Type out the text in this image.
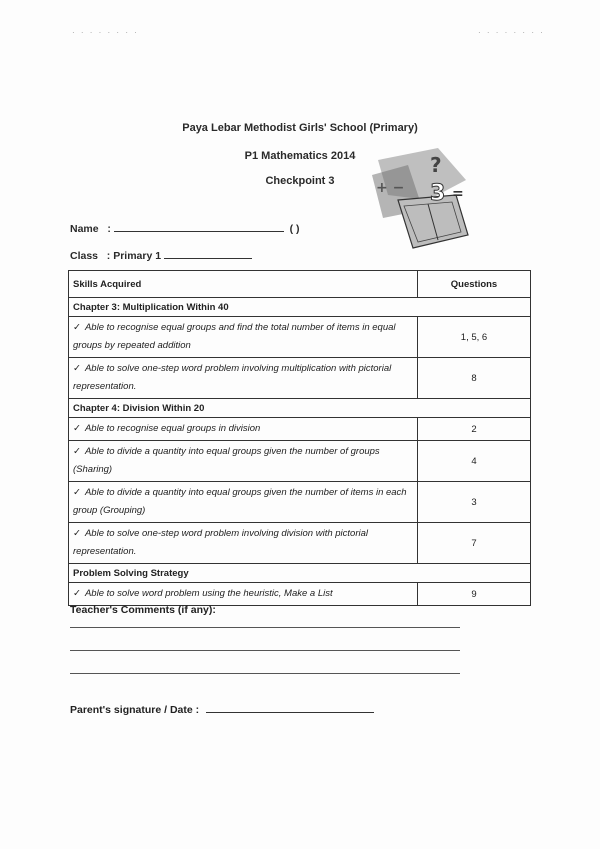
· · · · · · · ·	· · · · · · · ·
Paya Lebar Methodist Girls' School (Primary)
P1 Mathematics 2014
Checkpoint 3
?
+ − 3 =
Name   :	( )
Class   : Primary 1
Skills Acquired	Questions
Chapter 3: Multiplication Within 40	
✓ Able to recognise equal groups and find the total number of items in equal groups by repeated addition	1, 5, 6
✓ Able to solve one-step word problem involving multiplication with pictorial representation.	8
Chapter 4: Division Within 20	
✓ Able to recognise equal groups in division	2
✓ Able to divide a quantity into equal groups given the number of groups (Sharing)	4
✓ Able to divide a quantity into equal groups given the number of items in each group (Grouping)	3
✓ Able to solve one-step word problem involving division with pictorial representation.	7
Problem Solving Strategy	
✓ Able to solve word problem using the heuristic, Make a List	9
Teacher's Comments (if any):
Parent's signature / Date :
